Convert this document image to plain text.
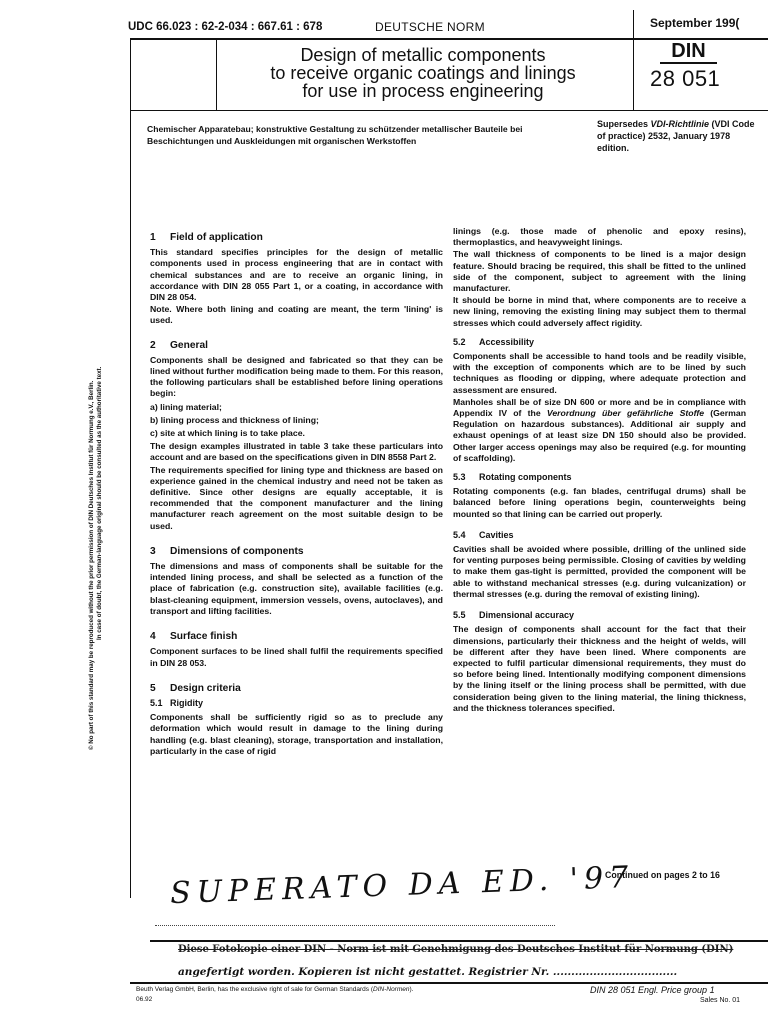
UDC 66.023 : 62-2-034 : 667.61 : 678	DEUTSCHE NORM	September 199(
Design of metallic components
to receive organic coatings and linings
for use in process engineering
DIN
28 051
Chemischer Apparatebau; konstruktive Gestaltung zu schützender metallischer Bauteile bei Beschichtungen und Auskleidungen mit organischen Werkstoffen
Supersedes VDI-Richtlinie (VDI Code of practice) 2532, January 1978 edition.
© No part of this standard may be reproduced without the prior permission of DIN Deutsches Institut für Normung e.V., Berlin. In case of doubt, the German-language original should be consulted as the authoritative text.
1 Field of application

This standard specifies principles for the design of metallic components used in process engineering that are in contact with chemical substances and are to receive an organic lining, in accordance with DIN 28 055 Part 1, or a coating, in accordance with DIN 28 054.

Note. Where both lining and coating are meant, the term 'lining' is used.

2 General

Components shall be designed and fabricated so that they can be lined without further modification being made to them. For this reason, the following particulars shall be established before lining operations begin:

a) lining material;
b) lining process and thickness of lining;
c) site at which lining is to take place.

The design examples illustrated in table 3 take these particulars into account and are based on the specifications given in DIN 8558 Part 2.

The requirements specified for lining type and thickness are based on experience gained in the chemical industry and need not be taken as definitive. Since other designs are equally acceptable, it is recommended that the component manufacturer and the lining manufacturer reach agreement on the most suitable design to be used.

3 Dimensions of components

The dimensions and mass of components shall be suitable for the intended lining process, and shall be selected as a function of the place of fabrication (e.g. construction site), available facilities (e.g. blast-cleaning equipment, immersion vessels, ovens, autoclaves), and transport and lifting facilities.

4 Surface finish

Component surfaces to be lined shall fulfil the requirements specified in DIN 28 053.

5 Design criteria
5.1 Rigidity

Components shall be sufficiently rigid so as to preclude any deformation which would result in damage to the lining during handling (e.g. blast cleaning), storage, transportation and installation, particularly in the case of rigid

linings (e.g. those made of phenolic and epoxy resins), thermoplastics, and heavyweight linings.

The wall thickness of components to be lined is a major design feature. Should bracing be required, this shall be fitted to the unlined side of the component, subject to agreement with the lining manufacturer.

It should be borne in mind that, where components are to receive a new lining, removing the existing lining may subject them to thermal stresses which could adversely affect rigidity.

5.2 Accessibility

Components shall be accessible to hand tools and be readily visible, with the exception of components which are to be lined by such techniques as flooding or dipping, where adequate protection and assessment are ensured.

Manholes shall be of size DN 600 or more and be in compliance with Appendix IV of the Verordnung über gefährliche Stoffe (German Regulation on hazardous substances). Additional air supply and exhaust openings of at least size DN 150 should also be provided. Other larger access openings may also be required (e.g. for mounting of scaffolding).

5.3 Rotating components

Rotating components (e.g. fan blades, centrifugal drums) shall be balanced before lining operations begin, counterweights being mounted so that lining can be carried out properly.

5.4 Cavities

Cavities shall be avoided where possible, drilling of the unlined side for venting purposes being permissible. Closing of cavities by welding to make them gas-tight is permitted, provided the component will be able to withstand mechanical stresses (e.g. during vulcanization) or thermal stresses (e.g. during the removal of existing lining).

5.5 Dimensional accuracy

The design of components shall account for the fact that their dimensions, particularly their thickness and the height of welds, will be different after they have been lined. Where components are expected to fulfil particular dimensional requirements, they must do so before being lined. Intentionally modifying component dimensions by the lining itself or the lining process shall be permitted, with due consideration being given to the lining material, the lining thickness, and the thickness tolerances specified.

Continued on pages 2 to 16
SUPERATO DA ED. '97
Diese Fotokopie einer DIN - Norm ist mit Genehmigung des Deutsches Institut für Normung (DIN)
angefertigt worden. Kopieren ist nicht gestattet. Registrier Nr. ..................................
Beuth Verlag GmbH, Berlin, has the exclusive right of sale for German Standards (DIN-Normen).
06.92
DIN 28 051 Engl. Price group 1
Sales No. 01
